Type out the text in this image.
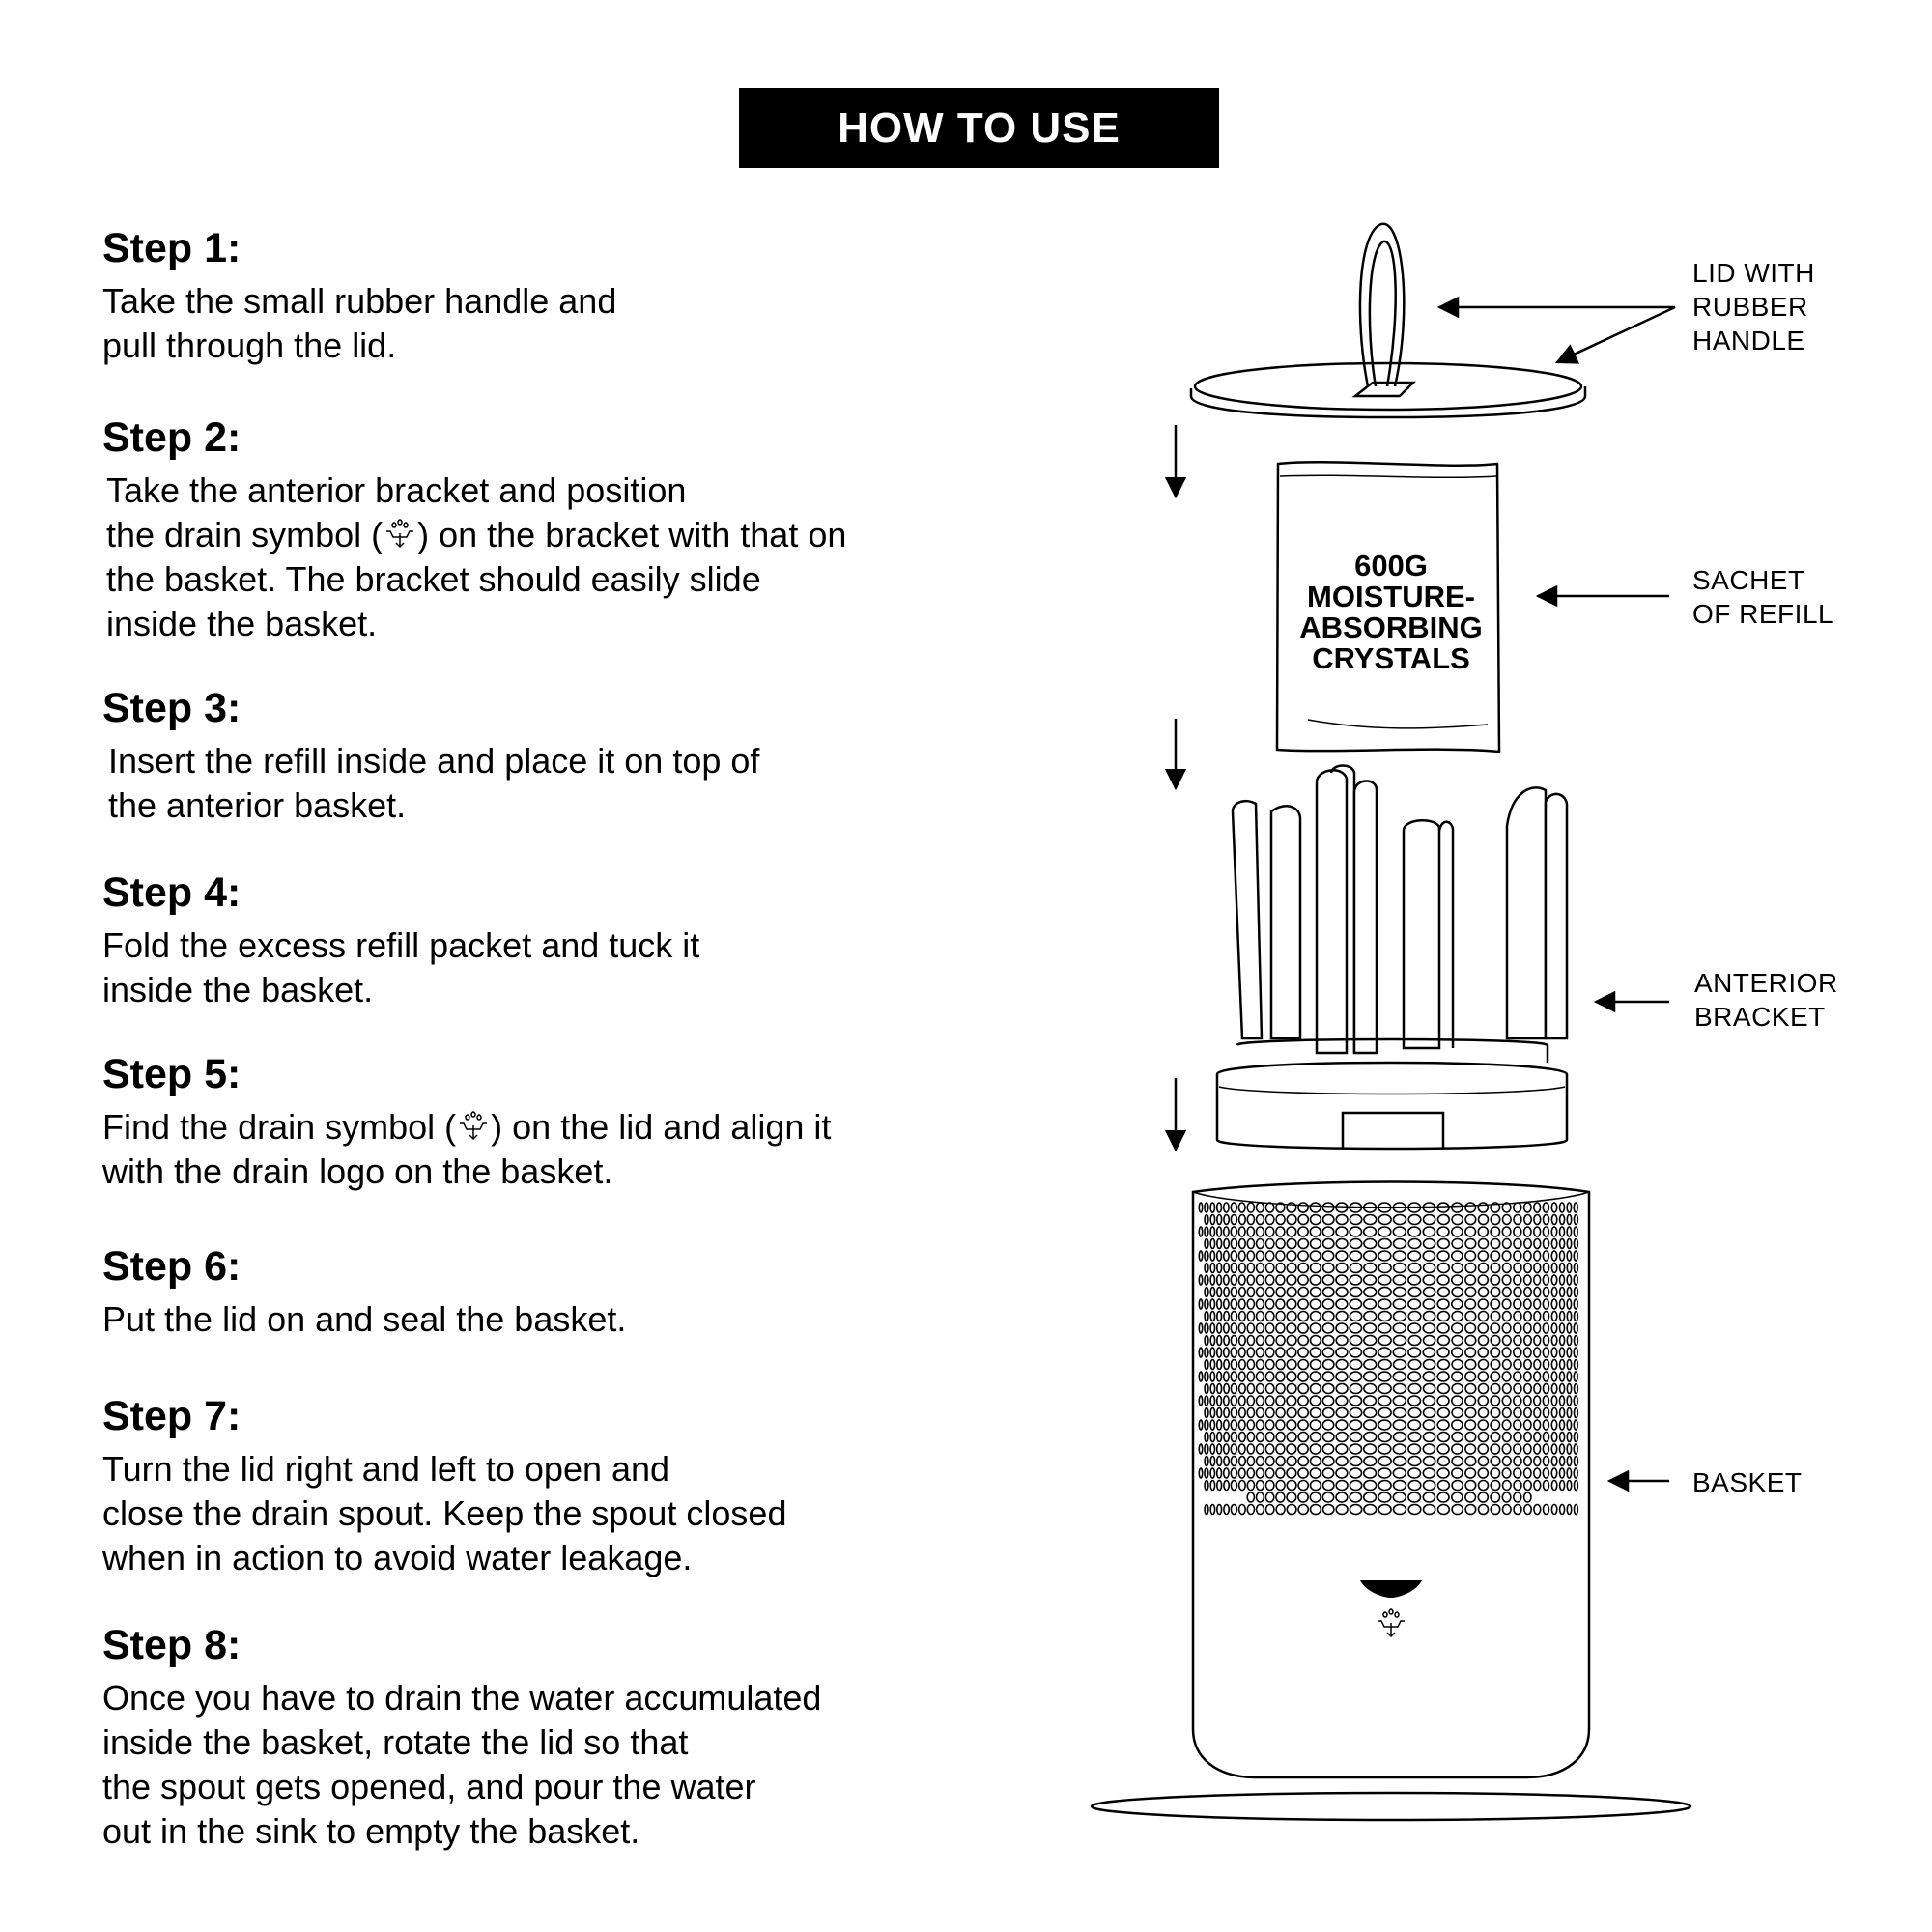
HOW TO USE
Step 1:

Take the small rubber handle and

pull through the lid.

Step 2:

Take the anterior bracket and position

the drain symbol ( ) on the bracket with that on

the basket. The bracket should easily slide

inside the basket.

Step 3:

Insert the refill inside and place it on top of

the anterior basket.

Step 4:

Fold the excess refill packet and tuck it

inside the basket.

Step 5:

Find the drain symbol ( ) on the lid and align it

with the drain logo on the basket.

Step 6:

Put the lid on and seal the basket.

Step 7:

Turn the lid right and left to open and

close the drain spout. Keep the spout closed

when in action to avoid water leakage.

Step 8:

Once you have to drain the water accumulated

inside the basket, rotate the lid so that

the spout gets opened, and pour the water

out in the sink to empty the basket.

600G

MOISTURE-

ABSORBING

CRYSTALS

LID WITH

RUBBER

HANDLE

SACHET

OF REFILL

ANTERIOR

BRACKET

BASKET
